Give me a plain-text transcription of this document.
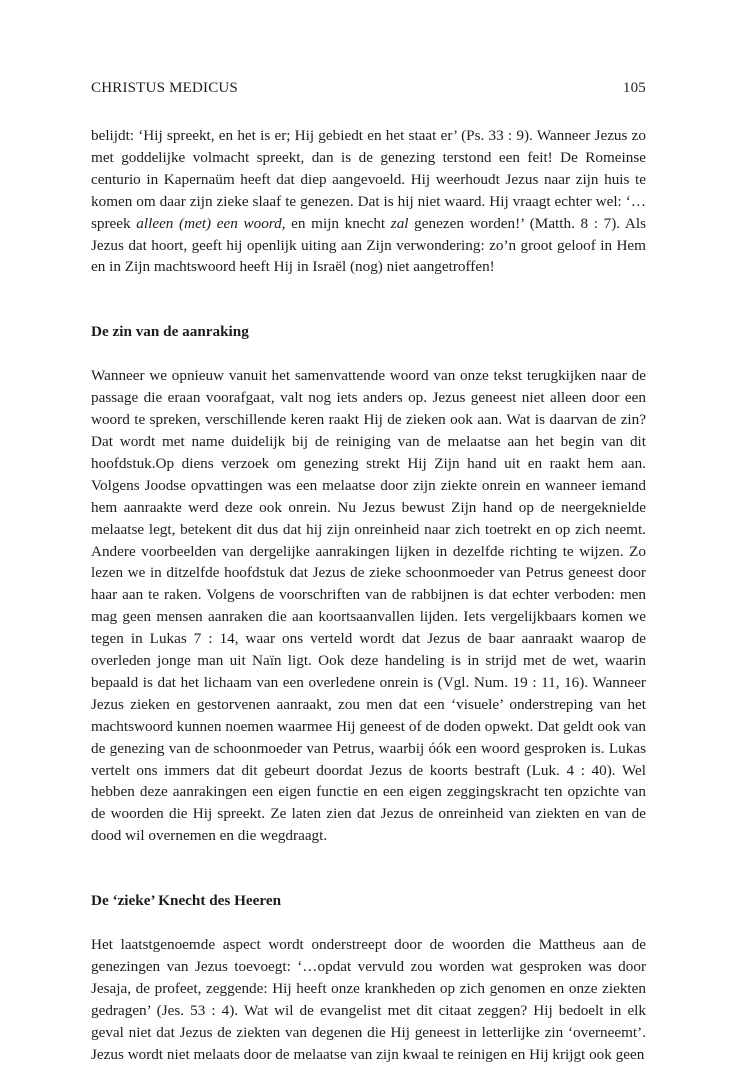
CHRISTUS MEDICUS	105

belijdt: ‘Hij spreekt, en het is er; Hij gebiedt en het staat er’ (Ps. 33 : 9). Wanneer Jezus zo met goddelijke volmacht spreekt, dan is de genezing terstond een feit! De Romeinse centurio in Kapernaüm heeft dat diep aangevoeld. Hij weerhoudt Jezus naar zijn huis te komen om daar zijn zieke slaaf te genezen. Dat is hij niet waard. Hij vraagt echter wel: ‘…spreek alleen (met) een woord, en mijn knecht zal genezen worden!’ (Matth. 8 : 7). Als Jezus dat hoort, geeft hij openlijk uiting aan Zijn verwondering: zo’n groot geloof in Hem en in Zijn machtswoord heeft Hij in Israël (nog) niet aangetroffen!

De zin van de aanraking

Wanneer we opnieuw vanuit het samenvattende woord van onze tekst terugkijken naar de passage die eraan voorafgaat, valt nog iets anders op. Jezus geneest niet alleen door een woord te spreken, verschillende keren raakt Hij de zieken ook aan. Wat is daarvan de zin? Dat wordt met name duidelijk bij de reiniging van de melaatse aan het begin van dit hoofdstuk.Op diens verzoek om genezing strekt Hij Zijn hand uit en raakt hem aan. Volgens Joodse opvattingen was een melaatse door zijn ziekte onrein en wanneer iemand hem aanraakte werd deze ook onrein. Nu Jezus bewust Zijn hand op de neergeknielde melaatse legt, betekent dit dus dat hij zijn onreinheid naar zich toetrekt en op zich neemt. Andere voorbeelden van dergelijke aanrakingen lijken in dezelfde richting te wijzen. Zo lezen we in ditzelfde hoofdstuk dat Jezus de zieke schoonmoeder van Petrus geneest door haar aan te raken. Volgens de voorschriften van de rabbijnen is dat echter verboden: men mag geen mensen aanraken die aan koortsaanvallen lijden. Iets vergelijkbaars komen we tegen in Lukas 7 : 14, waar ons verteld wordt dat Jezus de baar aanraakt waarop de overleden jonge man uit Naïn ligt. Ook deze handeling is in strijd met de wet, waarin bepaald is dat het lichaam van een overledene onrein is (Vgl. Num. 19 : 11, 16). Wanneer Jezus zieken en gestorvenen aanraakt, zou men dat een ‘visuele’ onderstreping van het machtswoord kunnen noemen waarmee Hij geneest of de doden opwekt. Dat geldt ook van de genezing van de schoonmoeder van Petrus, waarbij óók een woord gesproken is. Lukas vertelt ons immers dat dit gebeurt doordat Jezus de koorts bestraft (Luk. 4 : 40). Wel hebben deze aanrakingen een eigen functie en een eigen zeggingskracht ten opzichte van de woorden die Hij spreekt. Ze laten zien dat Jezus de onreinheid van ziekten en van de dood wil overnemen en die wegdraagt.

De ‘zieke’ Knecht des Heeren

Het laatstgenoemde aspect wordt onderstreept door de woorden die Mattheus aan de genezingen van Jezus toevoegt: ‘…opdat vervuld zou worden wat gesproken was door Jesaja, de profeet, zeggende: Hij heeft onze krankheden op zich genomen en onze ziekten gedragen’ (Jes. 53 : 4). Wat wil de evangelist met dit citaat zeggen? Hij bedoelt in elk geval niet dat Jezus de ziekten van degenen die Hij geneest in letterlijke zin ‘overneemt’. Jezus wordt niet melaats door de melaatse van zijn kwaal te reinigen en Hij krijgt ook geen
